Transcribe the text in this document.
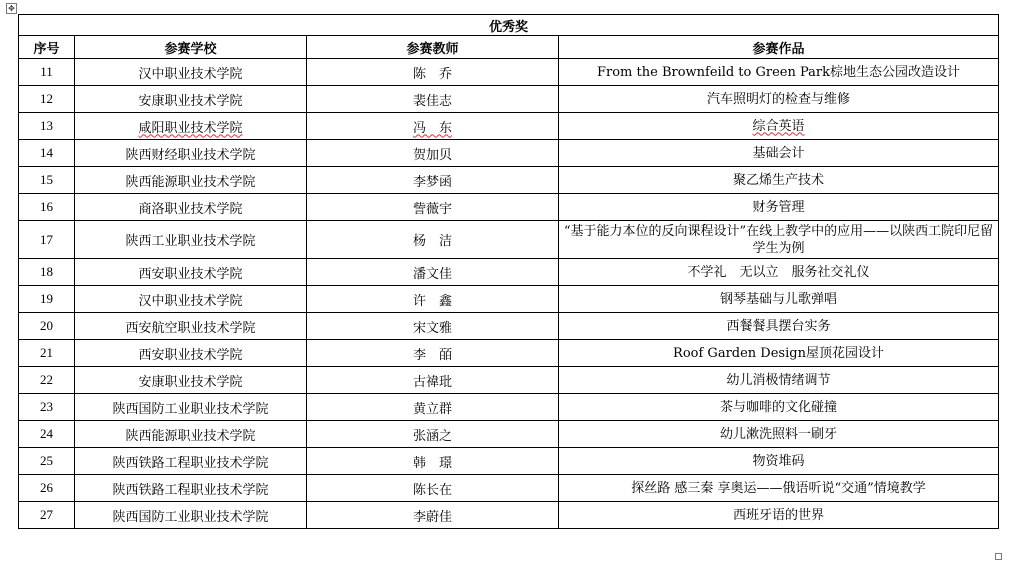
✥
优秀奖			
序号	参赛学校	参赛教师	参赛作品
11	汉中职业技术学院	陈　乔	From the Brownfeild to Green Park棕地生态公园改造设计
12	安康职业技术学院	裴佳志	汽车照明灯的检查与维修
13	咸阳职业技术学院	冯　东	综合英语
14	陕西财经职业技术学院	贺加贝	基础会计
15	陕西能源职业技术学院	李梦函	聚乙烯生产技术
16	商洛职业技术学院	訾薇宇	财务管理
17	陕西工业职业技术学院	杨　洁	“基于能力本位的反向课程设计”在线上教学中的应用——以陕西工院印尼留学生为例
18	西安职业技术学院	潘文佳	不学礼　无以立　服务社交礼仪
19	汉中职业技术学院	许　鑫	钢琴基础与儿歌弹唱
20	西安航空职业技术学院	宋文雅	西餐餐具摆台实务
21	西安职业技术学院	李　皕	Roof Garden Design屋顶花园设计
22	安康职业技术学院	古禕玭	幼儿消极情绪调节
23	陕西国防工业职业技术学院	黄立群	茶与咖啡的文化碰撞
24	陕西能源职业技术学院	张涵之	幼儿漱洗照料一刷牙
25	陕西铁路工程职业技术学院	韩　璟	物资堆码
26	陕西铁路工程职业技术学院	陈长在	探丝路 感三秦 享奥运——俄语听说“交通”情境教学
27	陕西国防工业职业技术学院	李蔚佳	西班牙语的世界
